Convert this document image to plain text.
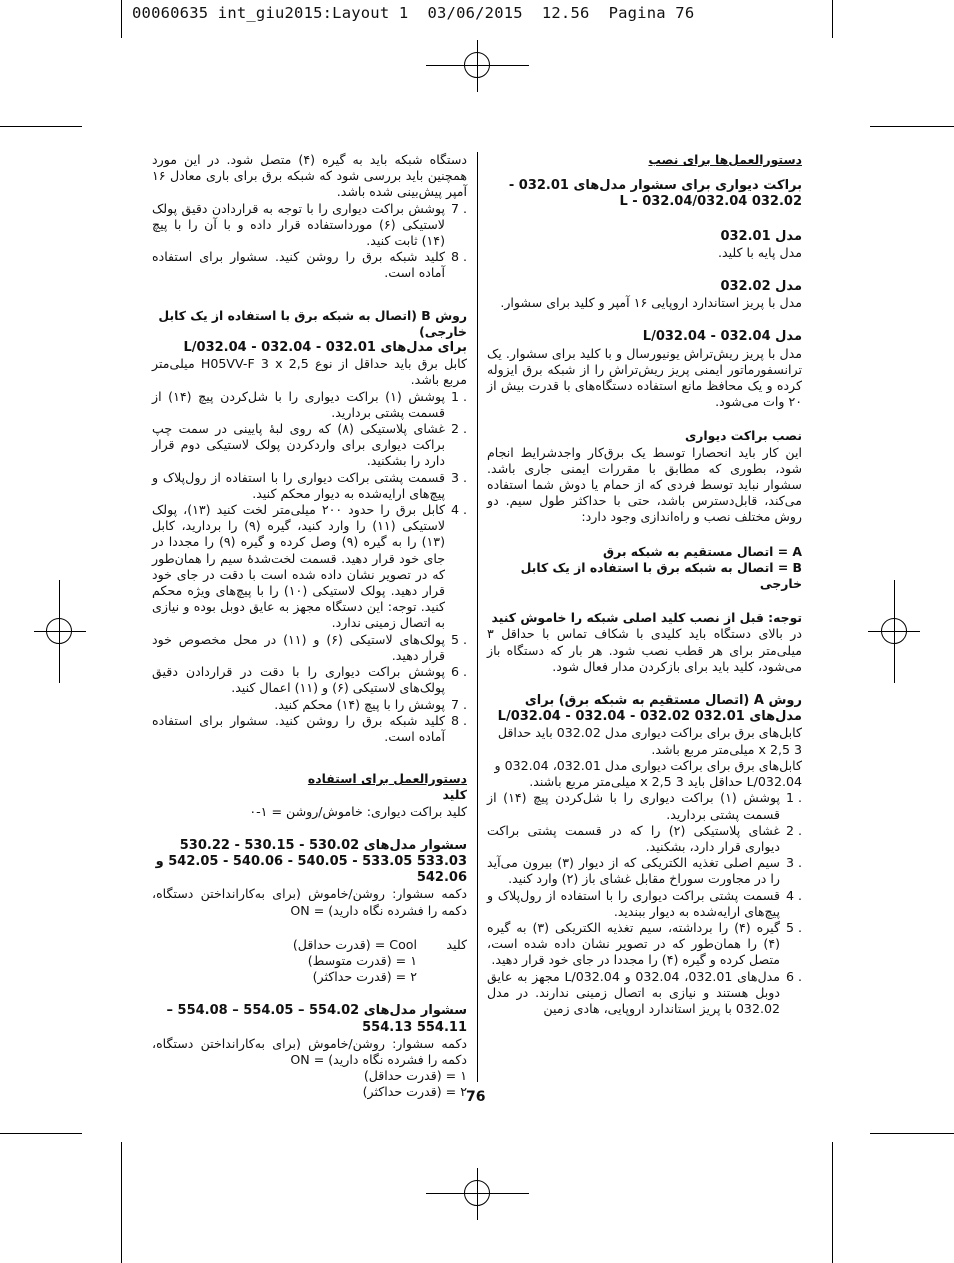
00060635 int_giu2015:Layout 1  03/06/2015  12.56  Pagina 76

دستورالعمل‌ها برای نصب

براکت دیواری برای سشوار مدل‌های 032.01 - 032.02 032.04/L - 032.04

مدل 032.01

مدل پایه با کلید.

مدل 032.02

مدل با پریز استاندارد اروپایی ۱۶ آمپر و کلید برای سشوار.

مدل 032.04 - 032.04/L

مدل با پریز ریش‌تراش یونیورسال و با کلید برای سشوار. یک ترانسفورماتور ایمنی پریز ریش‌تراش را از شبکه برق ایزوله کرده و یک محافظ مانع استفاده دستگاه‌های با قدرت بیش از ۲۰ وات می‌شود.

نصب براکت دیواری

این کار باید انحصارا توسط یک برق‌کار واجدشرایط انجام شود، بطوری که مطابق با مقررات ایمنی جاری باشد. سشوار نباید توسط فردی که از حمام یا دوش شما استفاده می‌کند، قابل‌دسترس باشد، حتی با حداکثر طول سیم. دو روش مختلف نصب و راه‌اندازی وجود دارد:

A = اتصال مستقیم به شبکه برق

B = اتصال به شبکه برق با استفاده از یک کابل خارجی

توجه: قبل از نصب کلید اصلی شبکه را خاموش کنید

در بالای دستگاه باید کلیدی با شکاف تماس با حداقل ۳ میلی‌متر برای هر قطب نصب شود. هر بار که دستگاه باز می‌شود، کلید باید برای بازکردن مدار فعال شود.

روش A (اتصال مستقیم به شبکه برق) برای مدل‌های 032.01 032.02 - 032.04 - 032.04/L

کابل‌های برق برای براکت دیواری مدل 032.02 باید حداقل 3 x 2,5 میلی‌متر مربع باشد.

کابل‌های برق برای براکت دیواری مدل 032.01، 032.04 و 032.04/L حداقل باید 3 x 2,5 میلی‌متر مربع باشند.

. 1
پوشش (۱) براکت دیواری را با شل‌کردن پیچ (۱۴) از قسمت پشتی بردارید.
. 2
غشای پلاستیکی (۲) را که در قسمت پشتی براکت دیواری قرار دارد، بشکنید.
. 3
سیم اصلی تغذیه الکتریکی که از دیوار (۳) بیرون می‌آید را در مجاورت سوراخ مقابل غشای باز (۲) وارد کنید.
. 4
قسمت پشتی براکت دیواری را با استفاده از رول‌پلاک و پیچ‌های ارایه‌شده به دیوار ببندید.
. 5
گیره (۴) را برداشته، سیم تغذیه الکتریکی (۳) به گیره (۴) را همان‌طور که در تصویر نشان داده شده است، متصل کرده و گیره (۴) را مجددا در جای خود قرار دهید.
. 6
مدل‌های 032.01، 032.04 و 032.04/L مجهز به عایق دوبل هستند و نیازی به اتصال زمینی ندارند. در مدل 032.02 با پریز استاندارد اروپایی، هادی زمین

دستگاه شبکه باید به گیره (۴) متصل شود. در این مورد همچنین باید بررسی شود که شبکه برق برای باری معادل ۱۶ آمپر پیش‌بینی شده باشد.

. 7
پوشش براکت دیواری را با توجه به قراردادن دقیق پولک لاستیکی (۶) مورداستفاده قرار داده و با آن را با پیچ (۱۴) ثابت کنید.
. 8
کلید شبکه برق را روشن کنید. سشوار برای استفاده آماده است.

روش B (اتصال به شبکه برق با استفاده از یک کابل خارجی)

برای مدل‌های 032.01 - 032.04 - 032.04/L

کابل برق باید حداقل از نوع H05VV-F 3 x 2,5 میلی‌متر مربع باشد.

. 1
پوشش (۱) براکت دیواری را با شل‌کردن پیچ (۱۴) از قسمت پشتی بردارید.
. 2
غشای پلاستیکی (۸) که روی لبهٔ پایینی در سمت چپ براکت دیواری برای واردکردن پولک لاستیکی دوم قرار دارد را بشکنید.
. 3
قسمت پشتی براکت دیواری را با استفاده از رول‌پلاک و پیچ‌های ارایه‌شده به دیوار محکم کنید.
. 4
کابل برق را حدود ۲۰۰ میلی‌متر لخت کنید (۱۳)، پولک لاستیکی (۱۱) را وارد کنید، گیره (۹) را بردارید، کابل (۱۳) را به گیره (۹) وصل کرده و گیره (۹) را مجددا در جای خود قرار دهید. قسمت لخت‌شدهٔ سیم را همان‌طور که در تصویر نشان داده شده است با دقت در جای خود قرار دهید. پولک لاستیکی (۱۰) را با پیچ‌های ویژه محکم کنید. توجه: این دستگاه مجهز به عایق دوبل بوده و نیازی به اتصال زمینی ندارد.
. 5
پولک‌های لاستیکی (۶) و (۱۱) در محل مخصوص خود قرار دهید.
. 6
پوشش براکت دیواری را با دقت در قراردادن دقیق پولک‌های لاستیکی (۶) و (۱۱) اعمال کنید.
. 7
پوشش را با پیچ (۱۴) محکم کنید.
. 8
کلید شبکه برق را روشن کنید. سشوار برای استفاده آماده است.

دستورالعمل برای استفاده

کلید

کلید براکت دیواری: خاموش/روشن = ۱-۰

سشوار مدل‌های 530.02 - 530.15 - 530.22 533.03 533.05 - 540.05 - 540.06 - 542.05 و 542.06

دکمه سشوار: روشن/خاموش (برای به‌کارانداختن دستگاه، دکمه را فشرده نگاه دارید) = ON

کلید

Cool = (قدرت حداقل)

۱ = (قدرت متوسط)

۲ = (قدرت حداکثر)

سشوار مدل‌های 554.02 – 554.05 – 554.08 – 554.11 554.13

دکمه سشوار: روشن/خاموش (برای به‌کارانداختن دستگاه، دکمه را فشرده نگاه دارید) = ON

۱ = (قدرت حداقل)

۲ = (قدرت حداکثر) 76
